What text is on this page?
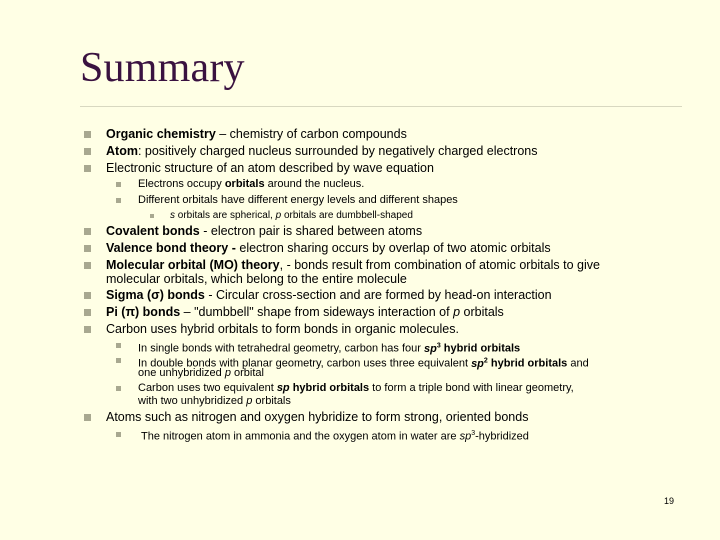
Summary
Organic chemistry – chemistry of carbon compounds
Atom: positively charged nucleus surrounded by negatively charged electrons
Electronic structure of an atom described by wave equation
Electrons occupy orbitals around the nucleus.
Different orbitals have different energy levels and different shapes
s orbitals are spherical, p orbitals are dumbbell-shaped
Covalent bonds - electron pair is shared between atoms
Valence bond theory - electron sharing occurs by overlap of two atomic orbitals
Molecular orbital (MO) theory, - bonds result from combination of atomic orbitals to give
molecular orbitals, which belong to the entire molecule
Sigma (σ) bonds - Circular cross-section and are formed by head-on interaction
Pi (π) bonds – "dumbbell" shape from sideways interaction of p orbitals
Carbon uses hybrid orbitals to form bonds in organic molecules.
In single bonds with tetrahedral geometry, carbon has four $sp^3$ hybrid orbitals
In double bonds with planar geometry, carbon uses three equivalent $sp^2$ hybrid orbitals and
one unhybridized p orbital
Carbon uses two equivalent sp hybrid orbitals to form a triple bond with linear geometry,
with two unhybridized p orbitals
Atoms such as nitrogen and oxygen hybridize to form strong, oriented bonds
The nitrogen atom in ammonia and the oxygen atom in water are $sp^3$-hybridized
19
